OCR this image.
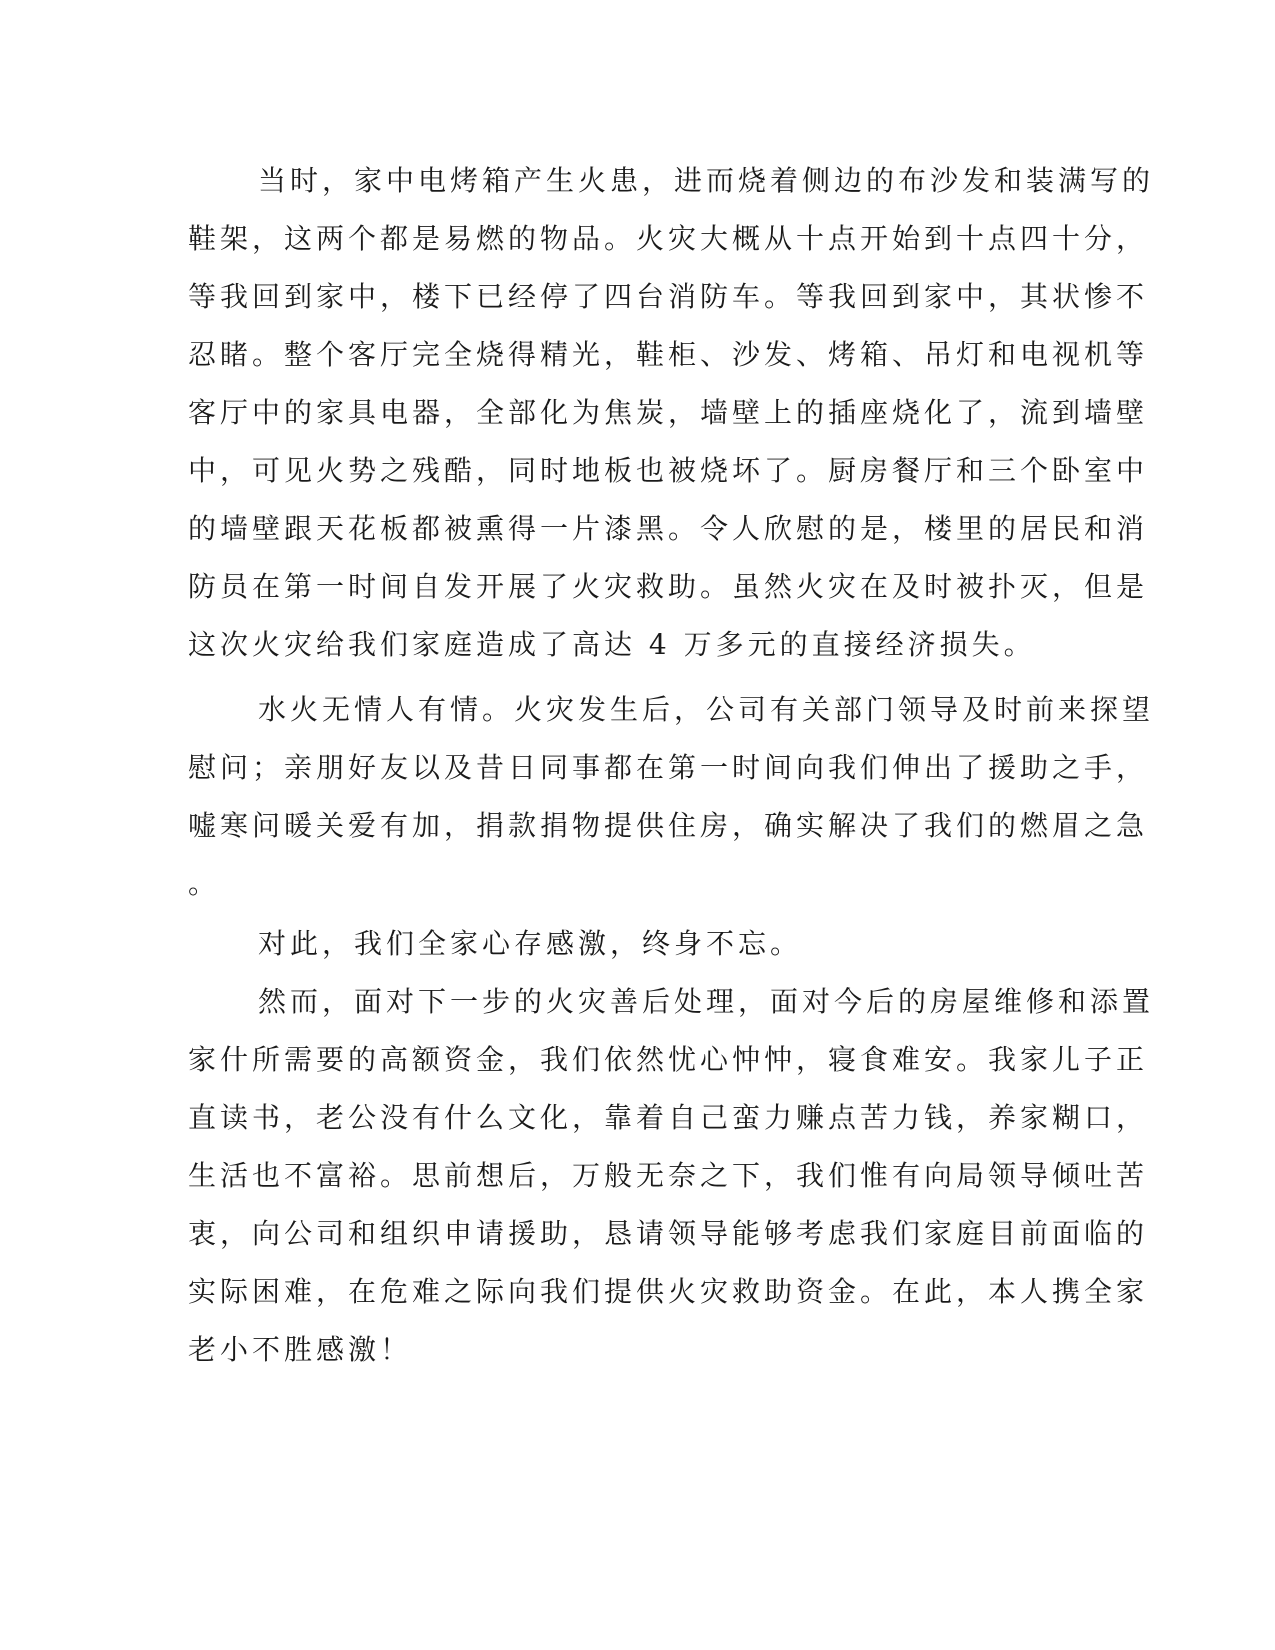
当时，家中电烤箱产生火患，进而烧着侧边的布沙发和装满写的
鞋架，这两个都是易燃的物品。火灾大概从十点开始到十点四十分，
等我回到家中，楼下已经停了四台消防车。等我回到家中，其状惨不
忍睹。整个客厅完全烧得精光，鞋柜、沙发、烤箱、吊灯和电视机等
客厅中的家具电器，全部化为焦炭，墙壁上的插座烧化了，流到墙壁
中，可见火势之残酷，同时地板也被烧坏了。厨房餐厅和三个卧室中
的墙壁跟天花板都被熏得一片漆黑。令人欣慰的是，楼里的居民和消
防员在第一时间自发开展了火灾救助。虽然火灾在及时被扑灭，但是
这次火灾给我们家庭造成了高达 4 万多元的直接经济损失。
水火无情人有情。火灾发生后，公司有关部门领导及时前来探望
慰问；亲朋好友以及昔日同事都在第一时间向我们伸出了援助之手，
嘘寒问暖关爱有加，捐款捐物提供住房，确实解决了我们的燃眉之急
。
对此，我们全家心存感激，终身不忘。
然而，面对下一步的火灾善后处理，面对今后的房屋维修和添置
家什所需要的高额资金，我们依然忧心忡忡，寝食难安。我家儿子正
直读书，老公没有什么文化，靠着自己蛮力赚点苦力钱，养家糊口，
生活也不富裕。思前想后，万般无奈之下，我们惟有向局领导倾吐苦
衷，向公司和组织申请援助，恳请领导能够考虑我们家庭目前面临的
实际困难，在危难之际向我们提供火灾救助资金。在此，本人携全家
老小不胜感激！
